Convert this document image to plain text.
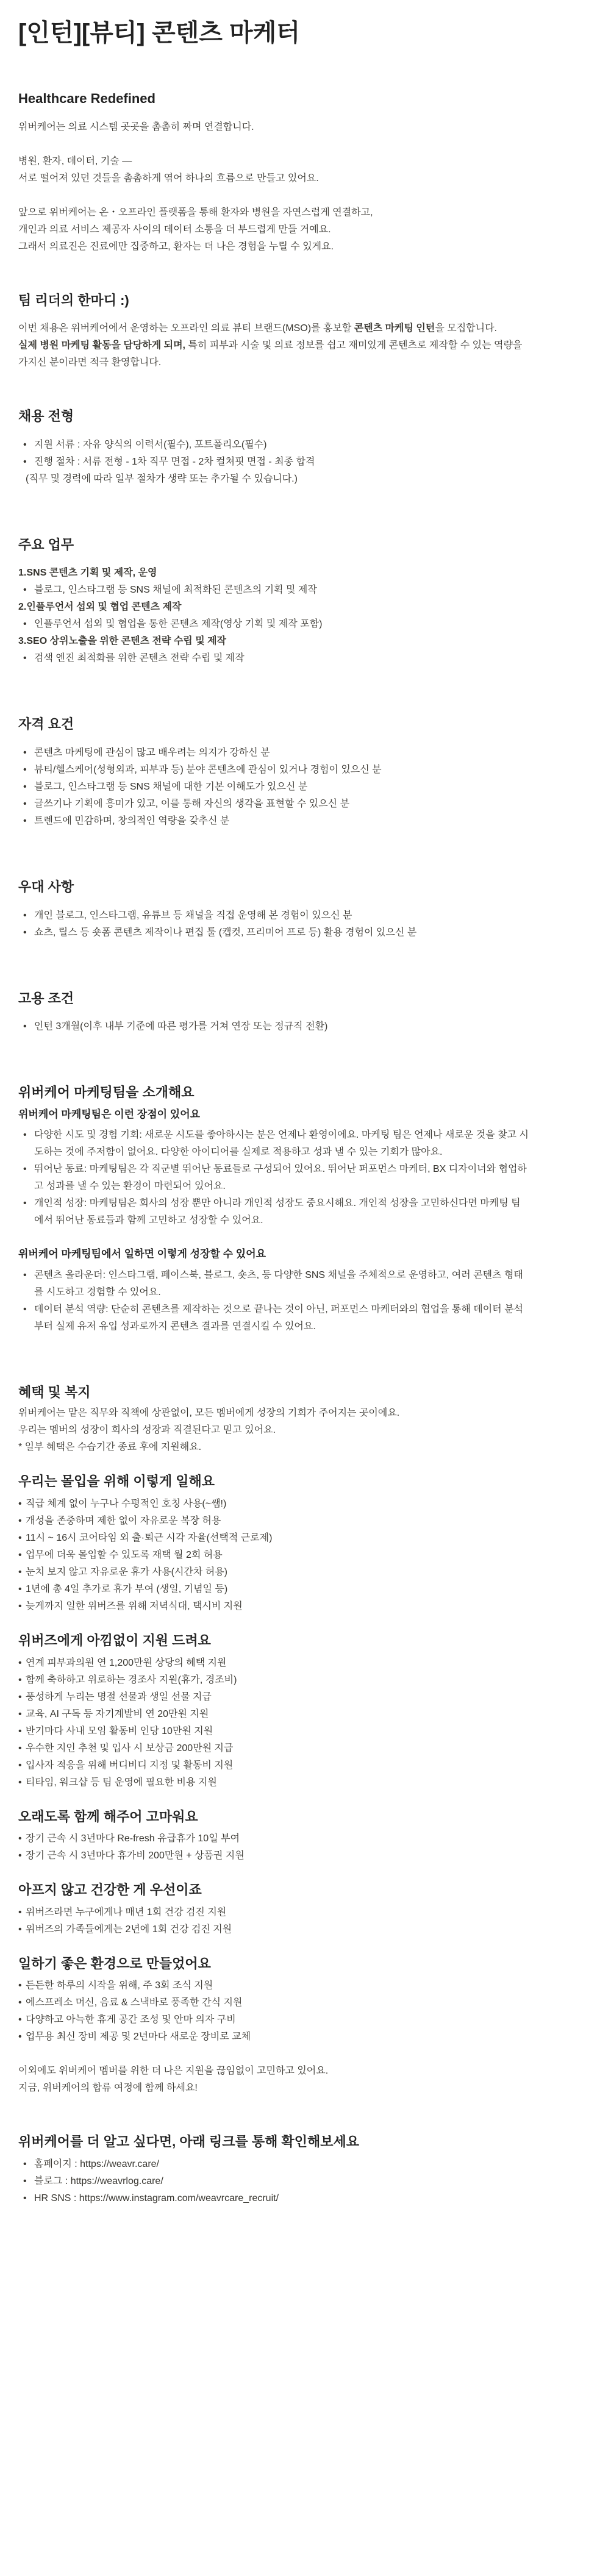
[인턴][뷰티] 콘텐츠 마케터
Healthcare Redefined

위버케어는 의료 시스템 곳곳을 촘촘히 짜며 연결합니다.

병원, 환자, 데이터, 기술 —

서로 떨어져 있던 것들을 촘촘하게 엮어 하나의 흐름으로 만들고 있어요.

앞으로 위버케어는 온・오프라인 플랫폼을 통해 환자와 병원을 자연스럽게 연결하고,

개인과 의료 서비스 제공자 사이의 데이터 소통을 더 부드럽게 만들 거예요.

그래서 의료진은 진료에만 집중하고, 환자는 더 나은 경험을 누릴 수 있게요.

팀 리더의 한마디 :)

이번 채용은 위버케어에서 운영하는 오프라인 의료 뷰티 브랜드(MSO)를 홍보할 콘텐츠 마케팅 인턴을 모집합니다.

실제 병원 마케팅 활동을 담당하게 되며, 특히 피부과 시술 및 의료 정보를 쉽고 재미있게 콘텐츠로 제작할 수 있는 역량을

가지신 분이라면 적극 환영합니다.

채용 전형
• 지원 서류 : 자유 양식의 이력서(필수), 포트폴리오(필수)
• 진행 절차 : 서류 전형 - 1차 직무 면접 - 2차 컬쳐핏 면접 - 최종 합격

(직무 및 경력에 따라 일부 절차가 생략 또는 추가될 수 있습니다.)

주요 업무
1.SNS 콘텐츠 기획 및 제작, 운영
• 블로그, 인스타그램 등 SNS 채널에 최적화된 콘텐츠의 기획 및 제작
2.인플루언서 섭외 및 협업 콘텐츠 제작
• 인플루언서 섭외 및 협업을 통한 콘텐츠 제작(영상 기획 및 제작 포함)
3.SEO 상위노출을 위한 콘텐츠 전략 수립 및 제작
• 검색 엔진 최적화를 위한 콘텐츠 전략 수립 및 제작
자격 요건
• 콘텐츠 마케팅에 관심이 많고 배우려는 의지가 강하신 분
• 뷰티/헬스케어(성형외과, 피부과 등) 분야 콘텐츠에 관심이 있거나 경험이 있으신 분
• 블로그, 인스타그램 등 SNS 채널에 대한 기본 이해도가 있으신 분
• 글쓰기나 기획에 흥미가 있고, 이를 통해 자신의 생각을 표현할 수 있으신 분
• 트렌드에 민감하며, 창의적인 역량을 갖추신 분
우대 사항
• 개인 블로그, 인스타그램, 유튜브 등 채널을 직접 운영해 본 경험이 있으신 분
• 쇼츠, 릴스 등 숏폼 콘텐츠 제작이나 편집 툴 (캡컷, 프리미어 프로 등) 활용 경험이 있으신 분
고용 조건
• 인턴 3개월(이후 내부 기준에 따른 평가를 거쳐 연장 또는 정규직 전환)
위버케어 마케팅팀을 소개해요
위버케어 마케팅팀은 이런 장점이 있어요
• 다양한 시도 및 경험 기회: 새로운 시도를 좋아하시는 분은 언제나 환영이에요. 마케팅 팀은 언제나 새로운 것을 찾고 시
도하는 것에 주저함이 없어요. 다양한 아이디어를 실제로 적용하고 성과 낼 수 있는 기회가 많아요.
• 뛰어난 동료: 마케팅팀은 각 직군별 뛰어난 동료들로 구성되어 있어요. 뛰어난 퍼포먼스 마케터, BX 디자이너와 협업하
고 성과를 낼 수 있는 환경이 마련되어 있어요.
• 개인적 성장: 마케팅팀은 회사의 성장 뿐만 아니라 개인적 성장도 중요시해요. 개인적 성장을 고민하신다면 마케팅 팀
에서 뛰어난 동료들과 함께 고민하고 성장할 수 있어요.
위버케어 마케팅팀에서 일하면 이렇게 성장할 수 있어요
• 콘텐츠 올라운더: 인스타그램, 페이스북, 블로그, 숏츠, 등 다양한 SNS 채널을 주체적으로 운영하고, 여러 콘텐츠 형태
를 시도하고 경험할 수 있어요.
• 데이터 분석 역량: 단순히 콘텐츠를 제작하는 것으로 끝나는 것이 아닌, 퍼포먼스 마케터와의 협업을 통해 데이터 분석
부터 실제 유저 유입 성과로까지 콘텐츠 결과를 연결시킬 수 있어요.
혜택 및 복지

위버케어는 맡은 직무와 직책에 상관없이, 모든 멤버에게 성장의 기회가 주어지는 곳이에요.

우리는 멤버의 성장이 회사의 성장과 직결된다고 믿고 있어요.

* 일부 혜택은 수습기간 종료 후에 지원해요.

우리는 몰입을 위해 이렇게 일해요
• 직급 체계 없이 누구나 수평적인 호칭 사용(~쌤!)
• 개성을 존중하며 제한 없이 자유로운 복장 허용
• 11시 ~ 16시 코어타임 외 출·퇴근 시각 자율(선택적 근로제)
• 업무에 더욱 몰입할 수 있도록 재택 월 2회 허용
• 눈치 보지 않고 자유로운 휴가 사용(시간차 허용)
• 1년에 총 4일 추가로 휴가 부여 (생일, 기념일 등)
• 늦게까지 일한 위버즈를 위해 저녁식대, 택시비 지원
위버즈에게 아낌없이 지원 드려요
• 연계 피부과의원 연 1,200만원 상당의 혜택 지원
• 함께 축하하고 위로하는 경조사 지원(휴가, 경조비)
• 풍성하게 누리는 명절 선물과 생일 선물 지급
• 교육, AI 구독 등 자기계발비 연 20만원 지원
• 반기마다 사내 모임 활동비 인당 10만원 지원
• 우수한 지인 추천 및 입사 시 보상금 200만원 지급
• 입사자 적응을 위해 버디비디 지정 및 활동비 지원
• 티타임, 워크샵 등 팀 운영에 필요한 비용 지원
오래도록 함께 해주어 고마워요
• 장기 근속 시 3년마다 Re-fresh 유급휴가 10일 부여
• 장기 근속 시 3년마다 휴가비 200만원 + 상품권 지원
아프지 않고 건강한 게 우선이죠
• 위버즈라면 누구에게나 매년 1회 건강 검진 지원
• 위버즈의 가족들에게는 2년에 1회 건강 검진 지원
일하기 좋은 환경으로 만들었어요
• 든든한 하루의 시작을 위해, 주 3회 조식 지원
• 에스프레소 머신, 음료 & 스낵바로 풍족한 간식 지원
• 다양하고 아늑한 휴게 공간 조성 및 안마 의자 구비
• 업무용 최신 장비 제공 및 2년마다 새로운 장비로 교체

이외에도 위버케어 멤버를 위한 더 나은 지원을 끊임없이 고민하고 있어요.

지금, 위버케어의 합류 여정에 함께 하세요!

위버케어를 더 알고 싶다면, 아래 링크를 통해 확인해보세요
• 홈페이지 : https://weavr.care/
• 블로그 : https://weavrlog.care/
• HR SNS : https://www.instagram.com/weavrcare_recruit/
